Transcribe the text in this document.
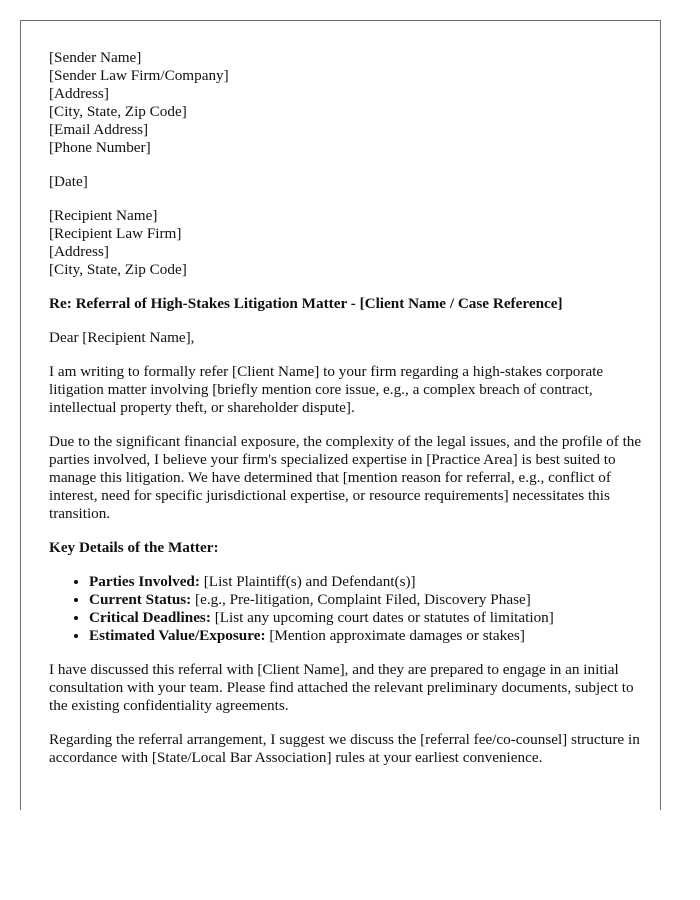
[Sender Name]
[Sender Law Firm/Company]
[Address]
[City, State, Zip Code]
[Email Address]
[Phone Number]
[Date]
[Recipient Name]
[Recipient Law Firm]
[Address]
[City, State, Zip Code]

Re: Referral of High-Stakes Litigation Matter - [Client Name / Case Reference]

Dear [Recipient Name],

I am writing to formally refer [Client Name] to your firm regarding a high-stakes corporate litigation matter involving [briefly mention core issue, e.g., a complex breach of contract, intellectual property theft, or shareholder dispute].

Due to the significant financial exposure, the complexity of the legal issues, and the profile of the parties involved, I believe your firm's specialized expertise in [Practice Area] is best suited to manage this litigation. We have determined that [mention reason for referral, e.g., conflict of interest, need for specific jurisdictional expertise, or resource requirements] necessitates this transition.

Key Details of the Matter:

• Parties Involved: [List Plaintiff(s) and Defendant(s)]
• Current Status: [e.g., Pre-litigation, Complaint Filed, Discovery Phase]
• Critical Deadlines: [List any upcoming court dates or statutes of limitation]
• Estimated Value/Exposure: [Mention approximate damages or stakes]

I have discussed this referral with [Client Name], and they are prepared to engage in an initial consultation with your team. Please find attached the relevant preliminary documents, subject to the existing confidentiality agreements.

Regarding the referral arrangement, I suggest we discuss the [referral fee/co-counsel] structure in accordance with [State/Local Bar Association] rules at your earliest convenience.
